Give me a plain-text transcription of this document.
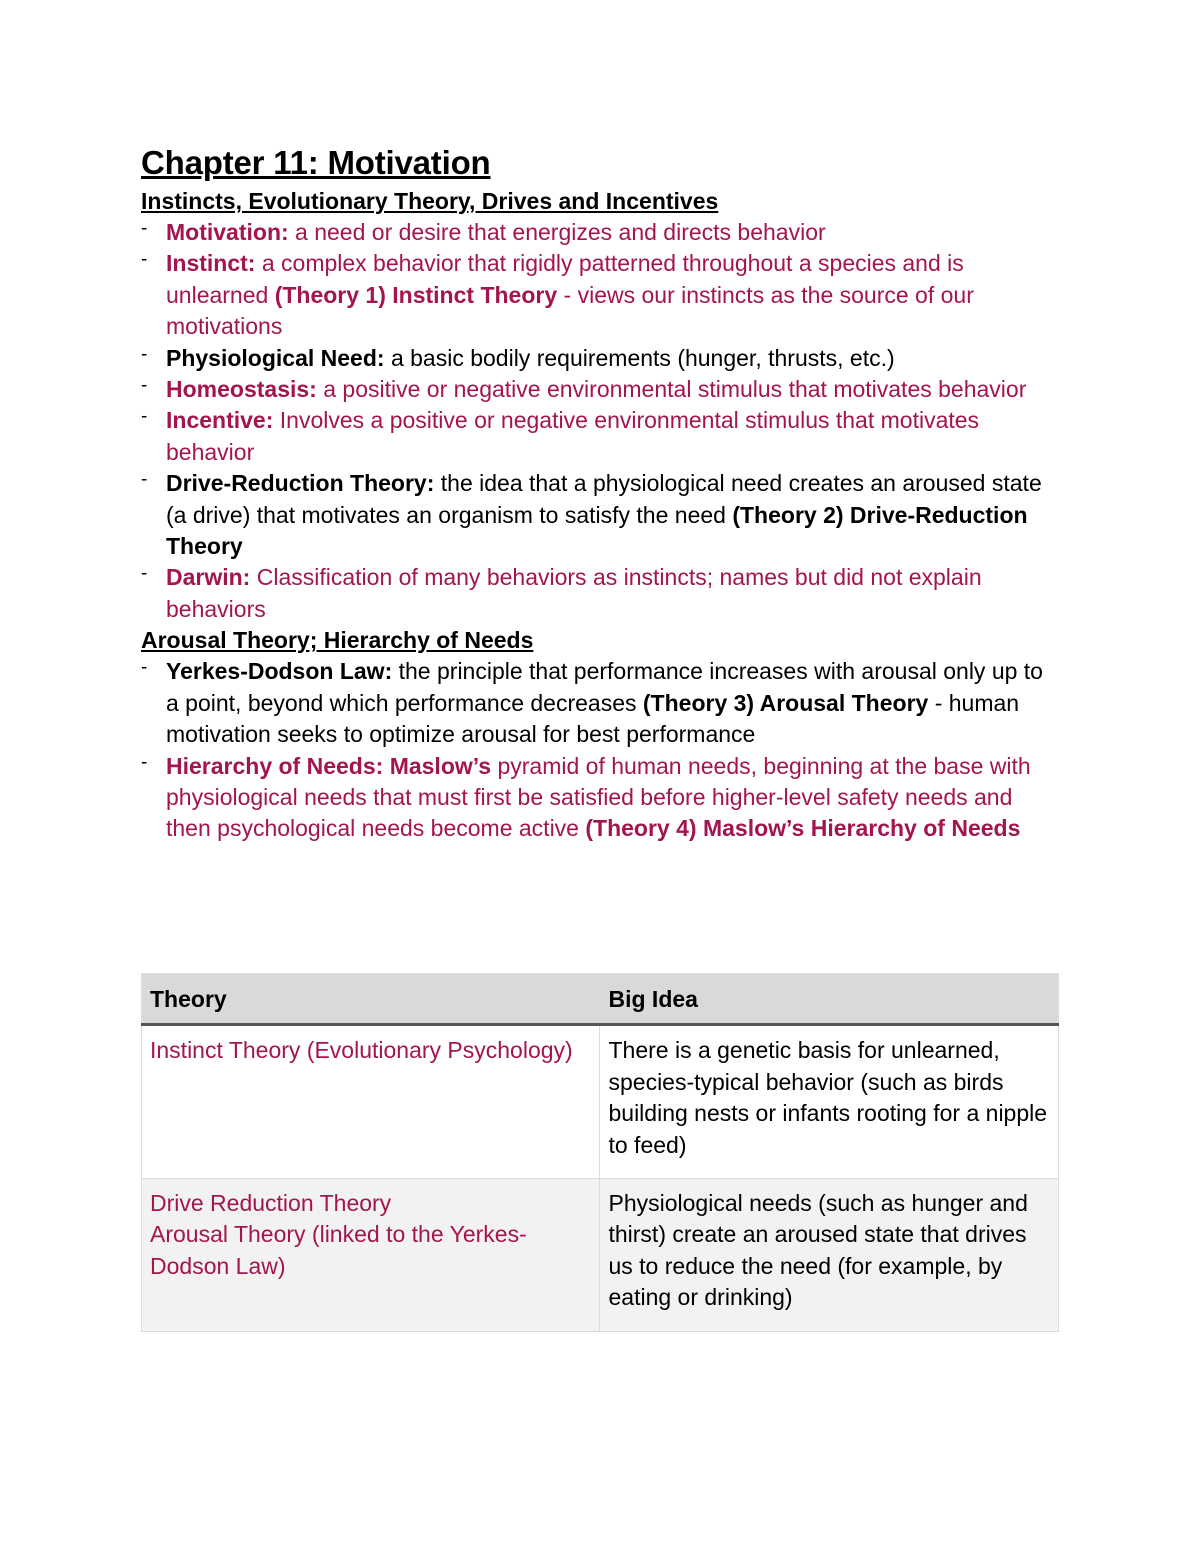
Chapter 11: Motivation
Instincts, Evolutionary Theory, Drives and Incentives
- Motivation: a need or desire that energizes and directs behavior
- Instinct: a complex behavior that rigidly patterned throughout a species and is unlearned (Theory 1) Instinct Theory - views our instincts as the source of our motivations
- Physiological Need: a basic bodily requirements (hunger, thrusts, etc.)
- Homeostasis: a positive or negative environmental stimulus that motivates behavior
- Incentive: Involves a positive or negative environmental stimulus that motivates behavior
- Drive-Reduction Theory: the idea that a physiological need creates an aroused state (a drive) that motivates an organism to satisfy the need (Theory 2) Drive-Reduction Theory
- Darwin: Classification of many behaviors as instincts; names but did not explain behaviors
Arousal Theory; Hierarchy of Needs
- Yerkes-Dodson Law: the principle that performance increases with arousal only up to a point, beyond which performance decreases (Theory 3) Arousal Theory - human motivation seeks to optimize arousal for best performance
- Hierarchy of Needs: Maslow’s pyramid of human needs, beginning at the base with physiological needs that must first be satisfied before higher-level safety needs and then psychological needs become active (Theory 4) Maslow’s Hierarchy of Needs
Theory	Big Idea

Instinct Theory (Evolutionary Psychology)	There is a genetic basis for unlearned, species-typical behavior (such as birds building nests or infants rooting for a nipple to feed)

Drive Reduction Theory
Arousal Theory (linked to the Yerkes-Dodson Law)	Physiological needs (such as hunger and thirst) create an aroused state that drives us to reduce the need (for example, by eating or drinking)
